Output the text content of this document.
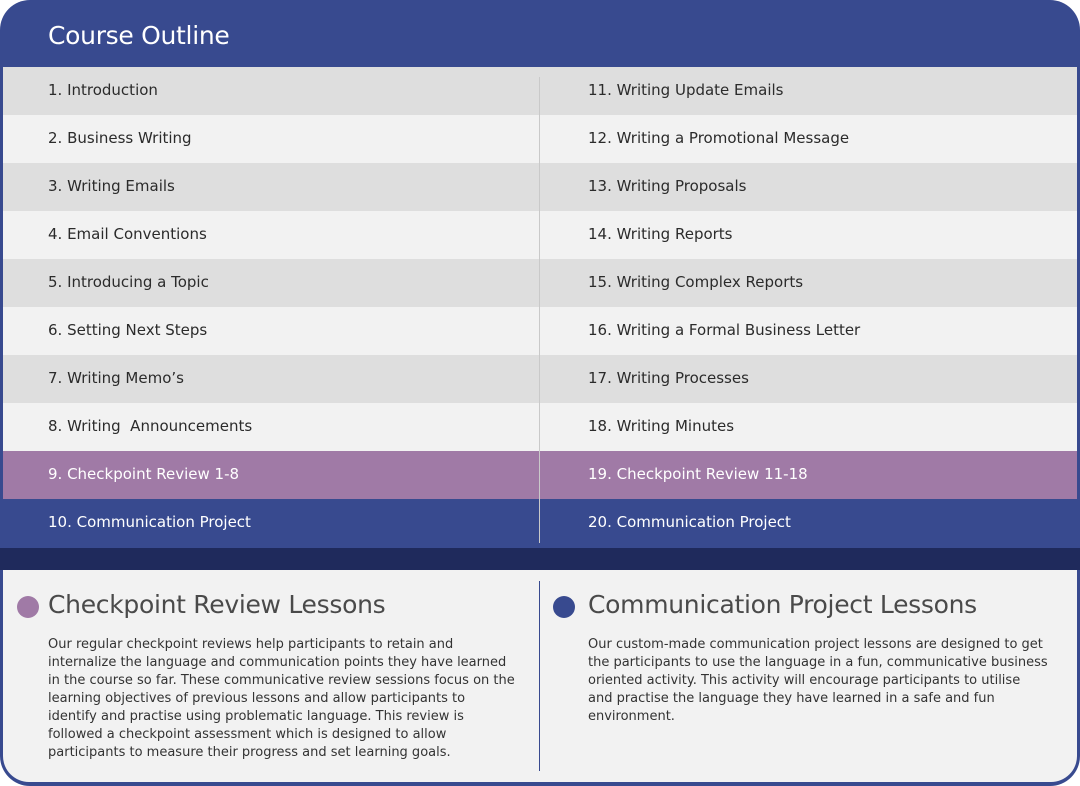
Course Outline
1. Introduction	11. Writing Update Emails
2. Business Writing	12. Writing a Promotional Message
3. Writing Emails	13. Writing Proposals
4. Email Conventions	14. Writing Reports
5. Introducing a Topic	15. Writing Complex Reports
6. Setting Next Steps	16. Writing a Formal Business Letter
7. Writing Memo’s	17. Writing Processes
8. Writing  Announcements	18. Writing Minutes
9. Checkpoint Review 1-8	19. Checkpoint Review 11-18
10. Communication Project	20. Communication Project
Checkpoint Review Lessons

Our regular checkpoint reviews help participants to retain and internalize the language and communication points they have learned in the course so far. These communicative review sessions focus on the learning objectives of previous lessons and allow participants to identify and practise using problematic language. This review is followed a checkpoint assessment which is designed to allow participants to measure their progress and set learning goals.

Communication Project Lessons

Our custom-made communication project lessons are designed to get the participants to use the language in a fun, communicative business oriented activity. This activity will encourage participants to utilise and practise the language they have learned in a safe and fun environment.
